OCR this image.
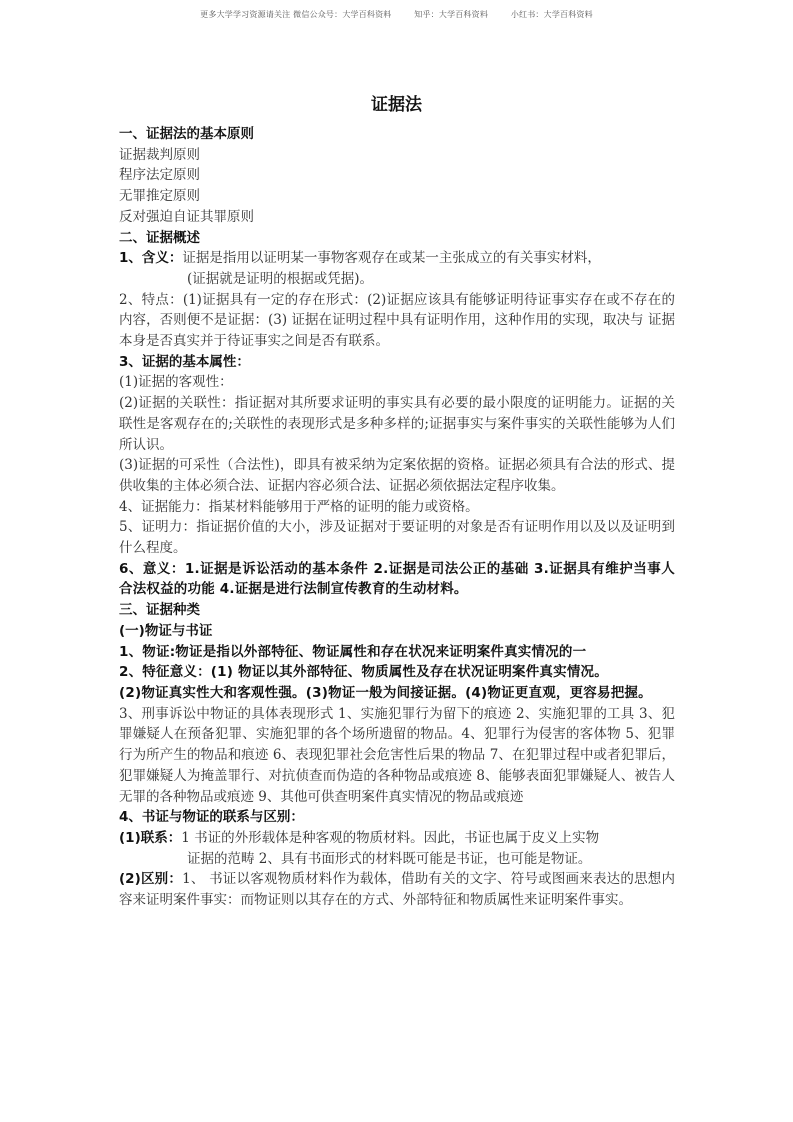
更多大学学习资源请关注 微信公众号：大学百科资料	知乎：大学百科资料	小红书：大学百科资料
证据法

一、证据法的基本原则

证据裁判原则

程序法定原则

无罪推定原则

反对强迫自证其罪原则

二、证据概述

1、含义：证据是指用以证明某一事物客观存在或某一主张成立的有关事实材料，

(证据就是证明的根据或凭据)。

2、特点：(1)证据具有一定的存在形式：(2)证据应该具有能够证明待证事实存在或不存在的内容，否则便不是证据：(3) 证据在证明过程中具有证明作用，这种作用的实现，取决与 证据本身是否真实并于待证事实之间是否有联系。

3、证据的基本属性：

(1)证据的客观性：

(2)证据的关联性：指证据对其所要求证明的事实具有必要的最小限度的证明能力。证据的关联性是客观存在的;关联性的表现形式是多种多样的;证据事实与案件事实的关联性能够为人们所认识。

(3)证据的可采性（合法性)，即具有被采纳为定案依据的资格。证据必须具有合法的形式、提供收集的主体必须合法、证据内容必须合法、证据必须依据法定程序收集。

4、证据能力：指某材料能够用于严格的证明的能力或资格。

5、证明力：指证据价值的大小，涉及证据对于要证明的对象是否有证明作用以及以及证明到什么程度。

6、意义：1.证据是诉讼活动的基本条件 2.证据是司法公正的基础 3.证据具有维护当事人合法权益的功能 4.证据是进行法制宣传教育的生动材料。

三、证据种类

(一)物证与书证

1、物证:物证是指以外部特征、物证属性和存在状况来证明案件真实情况的一

2、特征意义：(1) 物证以其外部特征、物质属性及存在状况证明案件真实情况。

(2)物证真实性大和客观性强。(3)物证一般为间接证据。(4)物证更直观，更容易把握。

3、刑事诉讼中物证的具体表现形式 1、实施犯罪行为留下的痕迹 2、实施犯罪的工具 3、犯罪嫌疑人在预备犯罪、实施犯罪的各个场所遗留的物品。4、犯罪行为侵害的客体物 5、犯罪行为所产生的物品和痕迹 6、表现犯罪社会危害性后果的物品 7、在犯罪过程中或者犯罪后，犯罪嫌疑人为掩盖罪行、对抗侦查而伪造的各种物品或痕迹 8、能够表面犯罪嫌疑人、被告人无罪的各种物品或痕迹 9、其他可供查明案件真实情况的物品或痕迹

4、书证与物证的联系与区别：

(1)联系：1 书证的外形载体是种客观的物质材料。因此，书证也属于皮义上实物

证据的范畴 2、具有书面形式的材料既可能是书证，也可能是物证。

(2)区别：1、 书证以客观物质材料作为载体，借助有关的文字、符号或图画来表达的思想内容来证明案件事实：而物证则以其存在的方式、外部特征和物质属性来证明案件事实。
